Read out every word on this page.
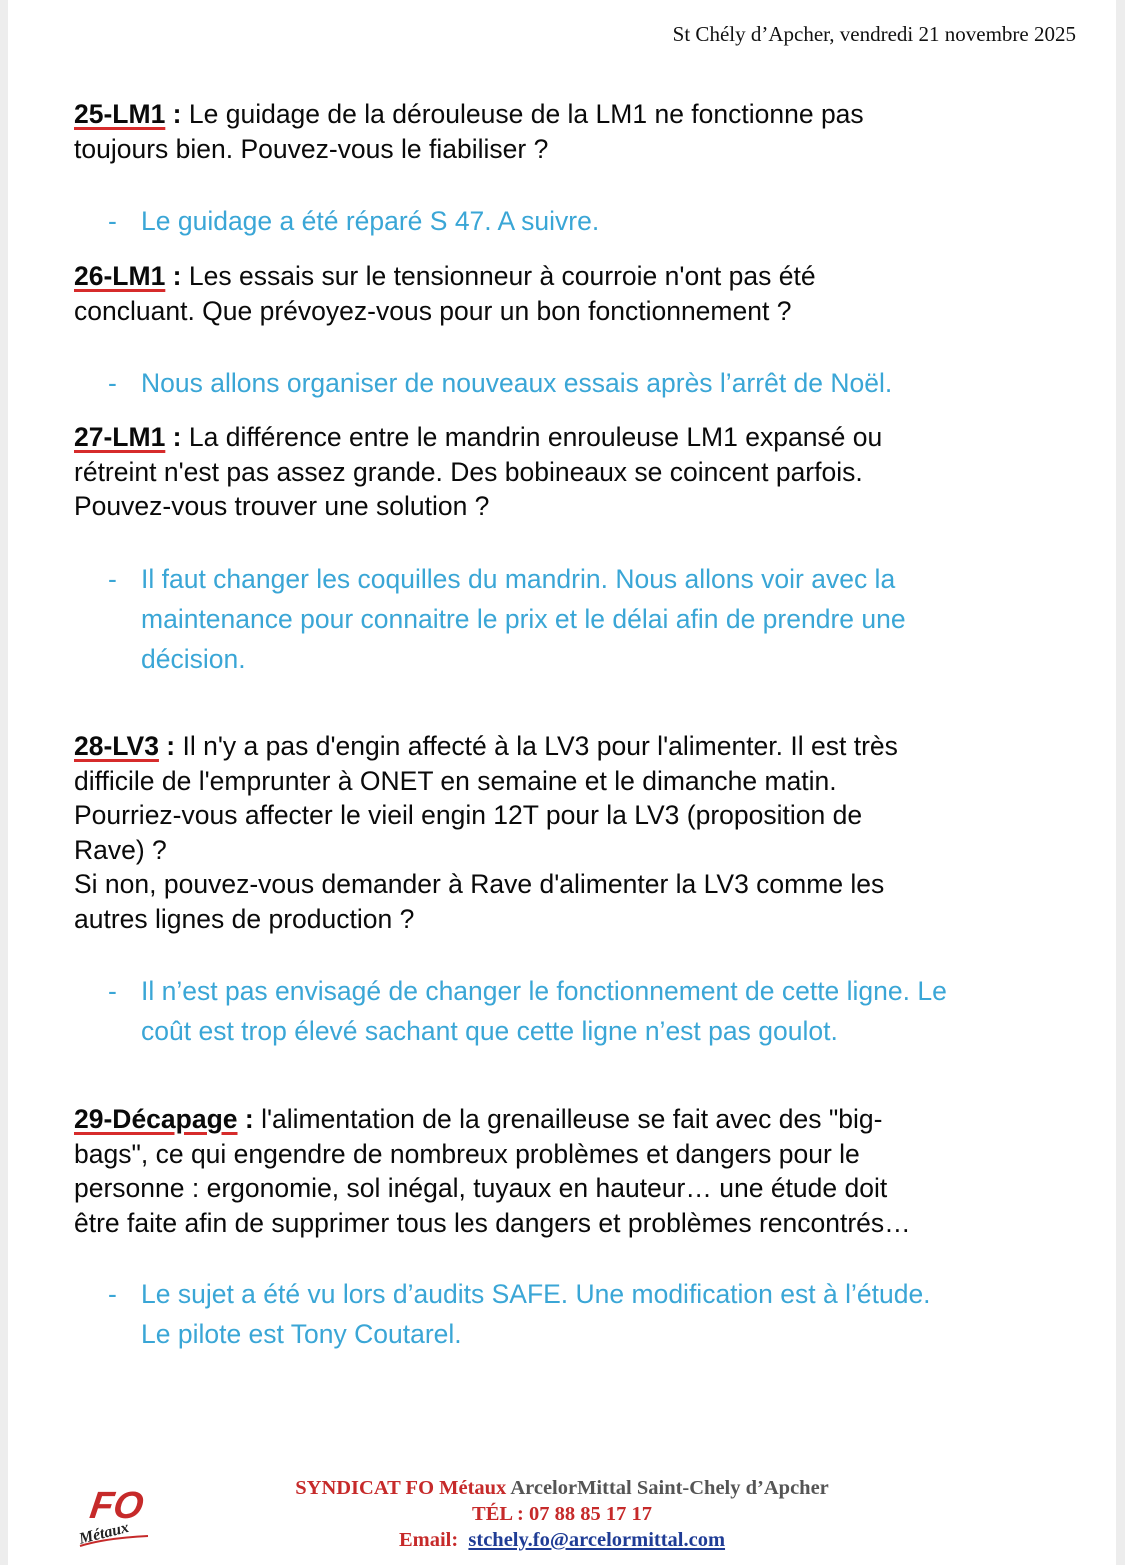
St Chély d’Apcher, vendredi 21 novembre 2025

25-LM1 : Le guidage de la dérouleuse de la LM1 ne fonctionne pas
toujours bien. Pouvez-vous le fiabiliser ?

- Le guidage a été réparé S 47. A suivre.

26-LM1 : Les essais sur le tensionneur à courroie n'ont pas été
concluant. Que prévoyez-vous pour un bon fonctionnement ?

- Nous allons organiser de nouveaux essais après l’arrêt de Noël.

27-LM1 : La différence entre le mandrin enrouleuse LM1 expansé ou
rétreint n'est pas assez grande. Des bobineaux se coincent parfois.
Pouvez-vous trouver une solution ?

- Il faut changer les coquilles du mandrin. Nous allons voir avec la
maintenance pour connaitre le prix et le délai afin de prendre une
décision.

28-LV3 : Il n'y a pas d'engin affecté à la LV3 pour l'alimenter. Il est très
difficile de l'emprunter à ONET en semaine et le dimanche matin.
Pourriez-vous affecter le vieil engin 12T pour la LV3 (proposition de
Rave) ?
Si non, pouvez-vous demander à Rave d'alimenter la LV3 comme les
autres lignes de production ?

- Il n’est pas envisagé de changer le fonctionnement de cette ligne. Le
coût est trop élevé sachant que cette ligne n’est pas goulot.

29-Décapage : l'alimentation de la grenailleuse se fait avec des "big-
bags", ce qui engendre de nombreux problèmes et dangers pour le
personne : ergonomie, sol inégal, tuyaux en hauteur… une étude doit
être faite afin de supprimer tous les dangers et problèmes rencontrés…

- Le sujet a été vu lors d’audits SAFE. Une modification est à l’étude.
Le pilote est Tony Coutarel.

FO
Métaux
SYNDICAT FO Métaux ArcelorMittal Saint-Chely d’Apcher
TÉL : 07 88 85 17 17
Email: stchely.fo@arcelormittal.com
